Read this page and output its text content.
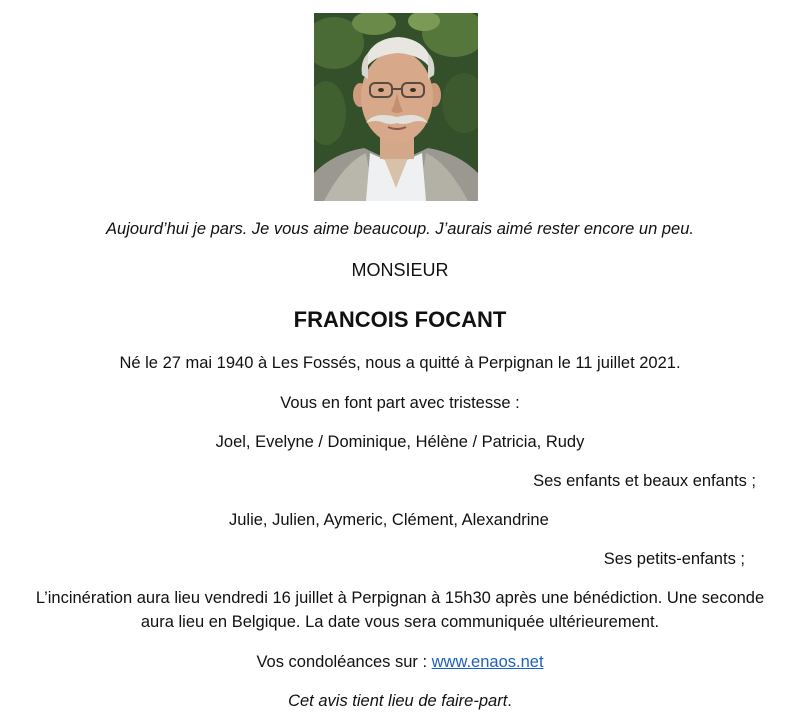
Aujourd’hui je pars. Je vous aime beaucoup. J’aurais aimé rester encore un peu.
MONSIEUR
FRANCOIS FOCANT
Né le 27 mai 1940 à Les Fossés, nous a quitté à Perpignan le 11 juillet 2021.
Vous en font part avec tristesse :
Joel, Evelyne / Dominique, Hélène / Patricia, Rudy
Ses enfants et beaux enfants ;
Julie, Julien, Aymeric, Clément, Alexandrine
Ses petits-enfants ;
L’incinération aura lieu vendredi 16 juillet à Perpignan à 15h30 après une bénédiction. Une seconde
aura lieu en Belgique. La date vous sera communiquée ultérieurement.
Vos condoléances sur : www.enaos.net
Cet avis tient lieu de faire-part.
